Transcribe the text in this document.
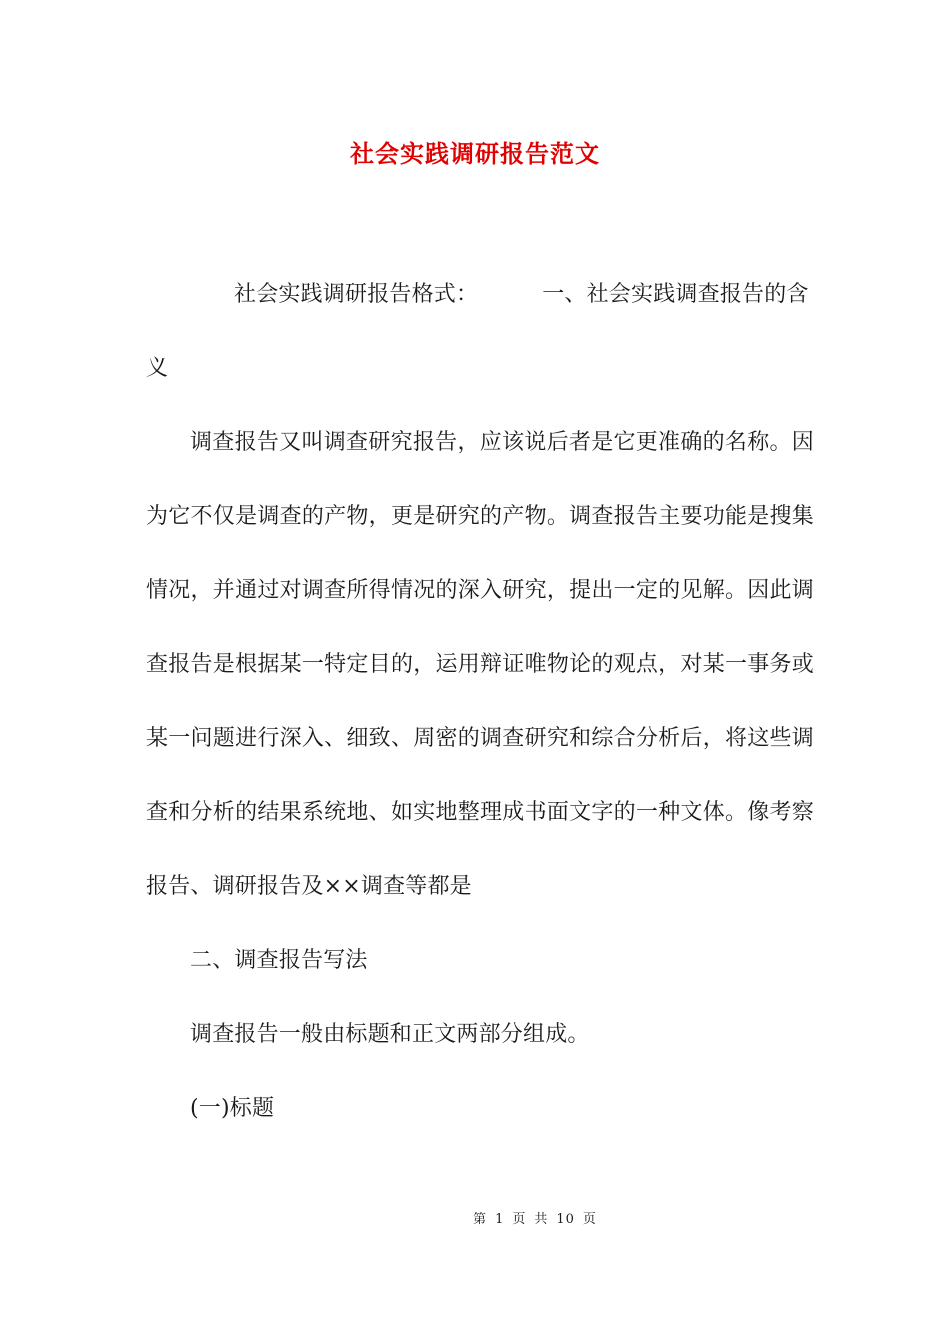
社会实践调研报告范文

社会实践调研报告格式：	一、社会实践调查报告的含

义

调查报告又叫调查研究报告，应该说后者是它更准确的名称。因为它不仅是调查的产物，更是研究的产物。调查报告主要功能是搜集情况，并通过对调查所得情况的深入研究，提出一定的见解。因此调查报告是根据某一特定目的，运用辩证唯物论的观点，对某一事务或某一问题进行深入、细致、周密的调查研究和综合分析后，将这些调查和分析的结果系统地、如实地整理成书面文字的一种文体。像考察报告、调研报告及××调查等都是

二、调查报告写法

调查报告一般由标题和正文两部分组成。

(一)标题

第 1 页 共 10 页
